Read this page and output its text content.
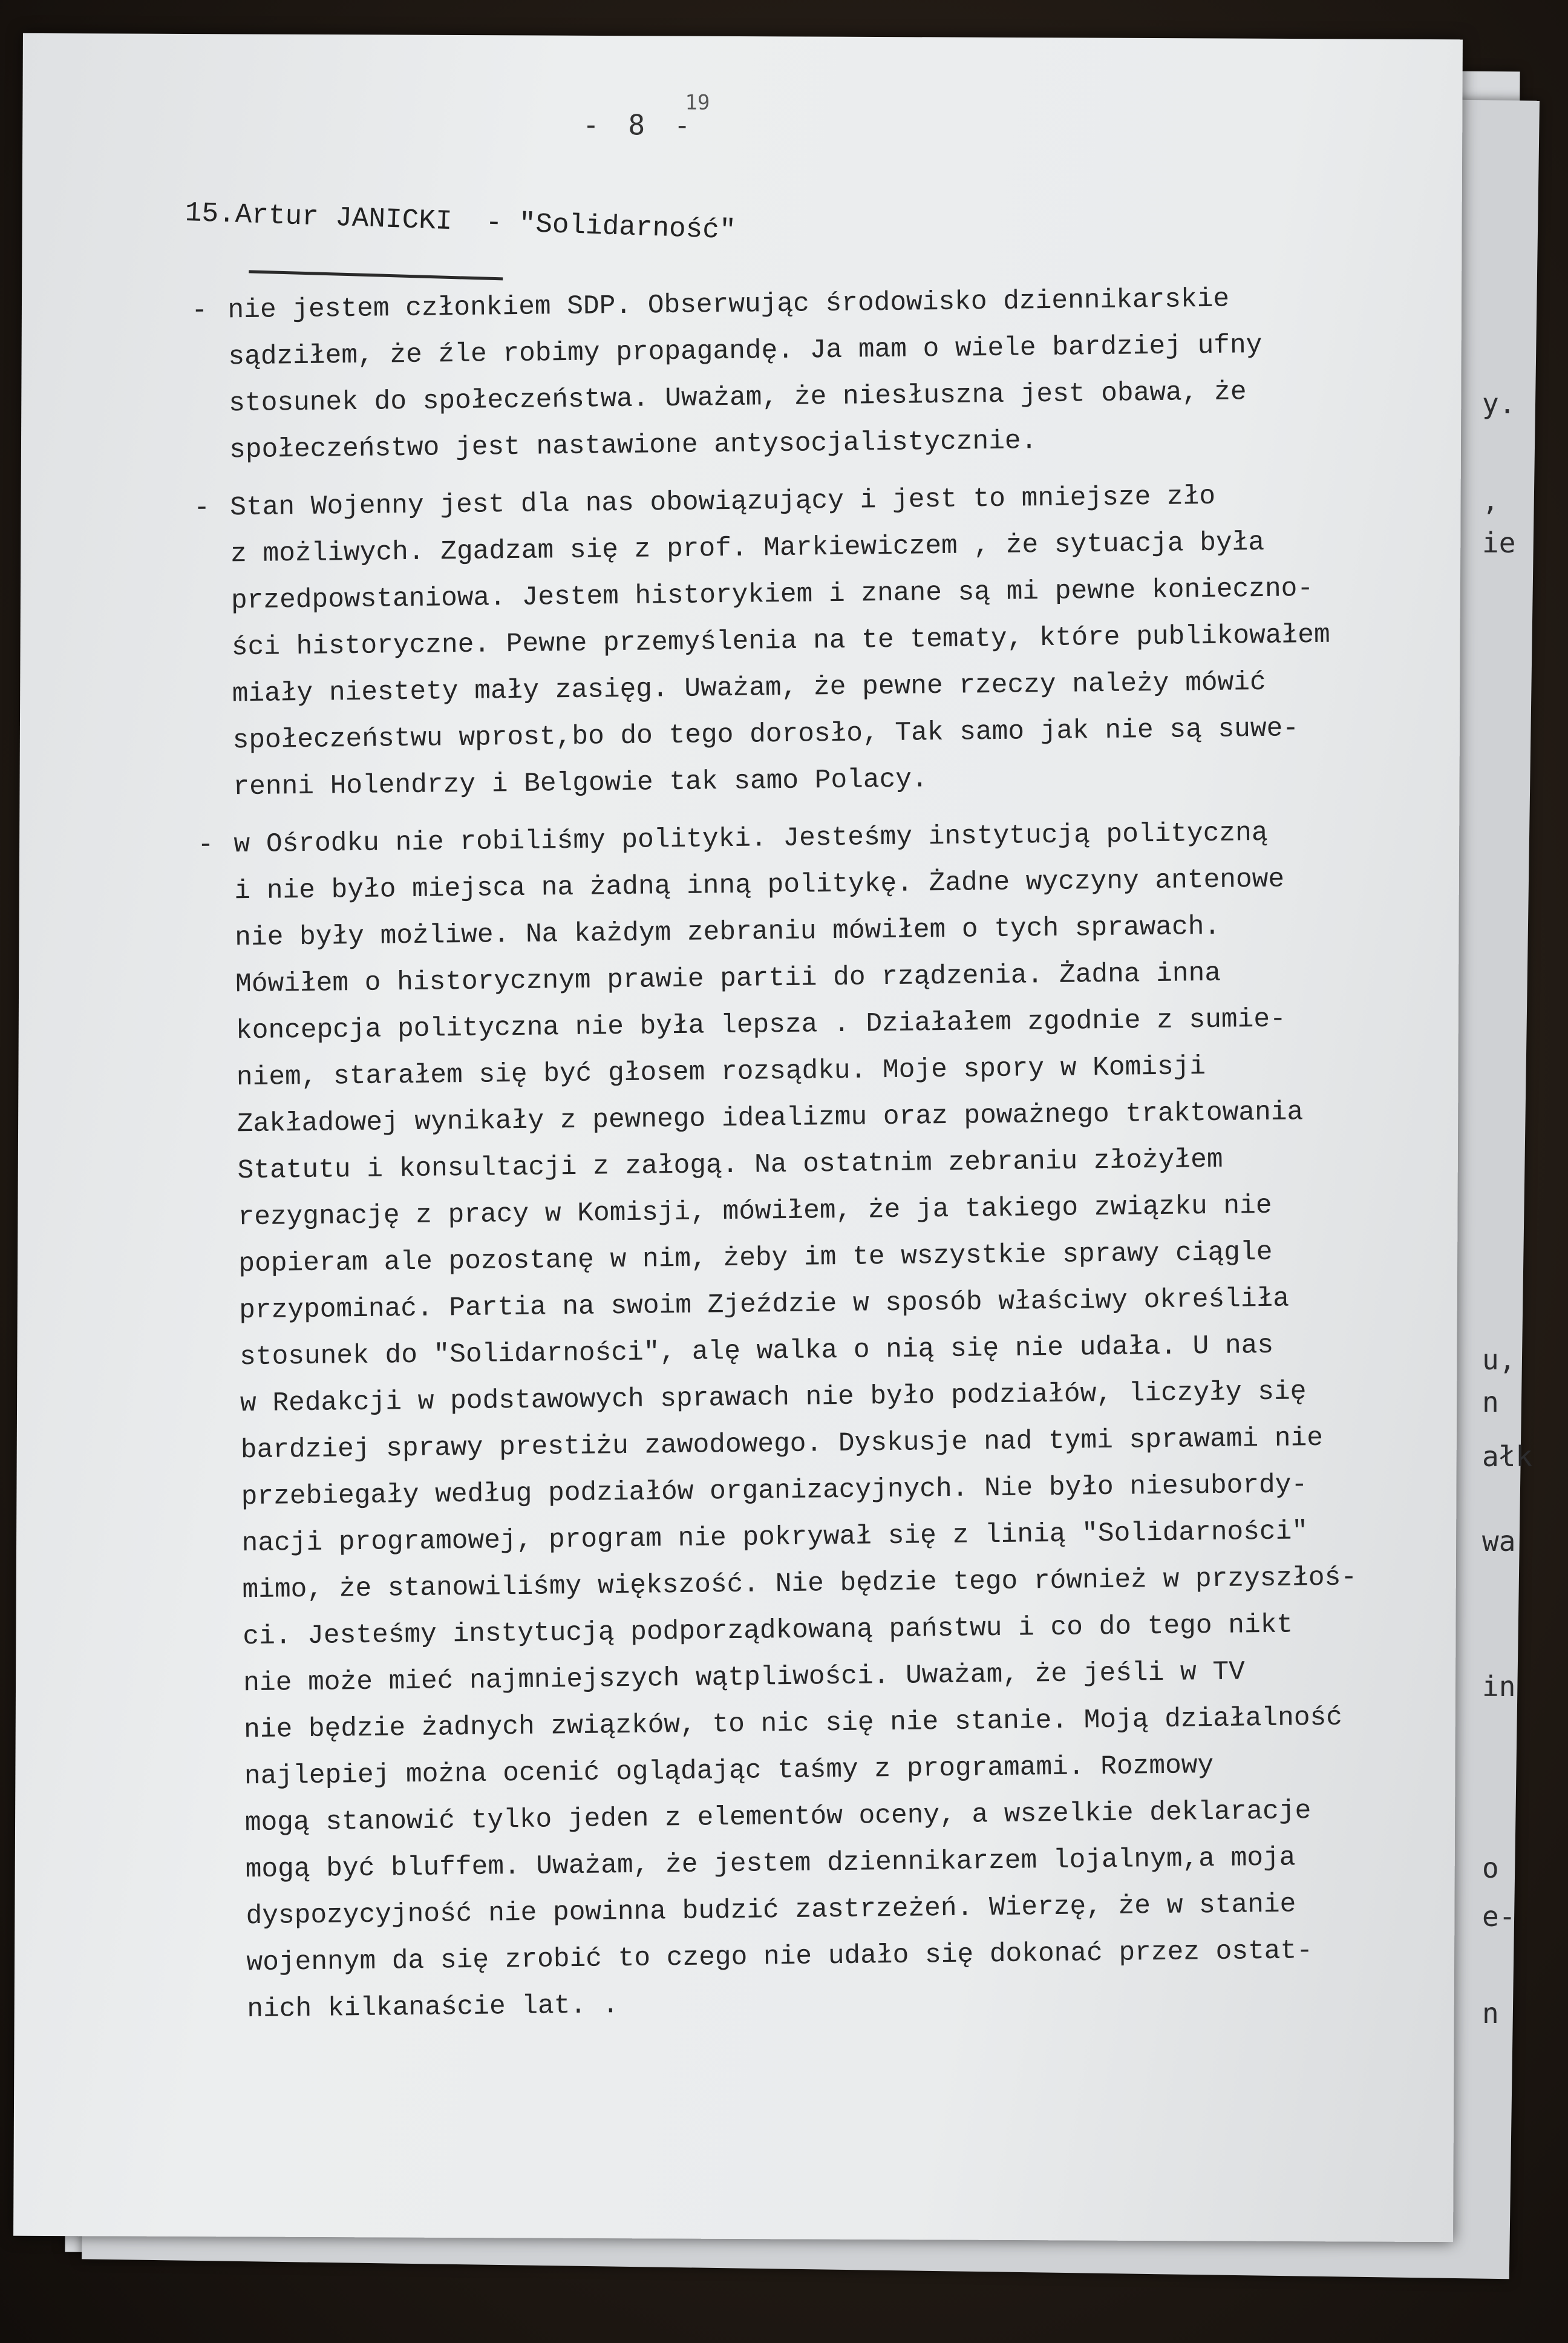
y.
,
ie
u,
n
ałk
wa
in
o
e-
n
19
- 8 -
15.Artur JANICKI - "Solidarność"
- nie jestem członkiem SDP. Obserwując środowisko dziennikarskie
sądziłem, że źle robimy propagandę. Ja mam o wiele bardziej ufny
stosunek do społeczeństwa. Uważam, że niesłuszna jest obawa, że
społeczeństwo jest nastawione antysocjalistycznie.
- Stan Wojenny jest dla nas obowiązujący i jest to mniejsze zło
z możliwych. Zgadzam się z prof. Markiewiczem , że sytuacja była
przedpowstaniowa. Jestem historykiem i znane są mi pewne konieczno-
ści historyczne. Pewne przemyślenia na te tematy, które publikowałem
miały niestety mały zasięg. Uważam, że pewne rzeczy należy mówić
społeczeństwu wprost,bo do tego dorosło, Tak samo jak nie są suwe-
renni Holendrzy i Belgowie tak samo Polacy.
- w Ośrodku nie robiliśmy polityki. Jesteśmy instytucją polityczną
i nie było miejsca na żadną inną politykę. Żadne wyczyny antenowe
nie były możliwe. Na każdym zebraniu mówiłem o tych sprawach.
Mówiłem o historycznym prawie partii do rządzenia. Żadna inna
koncepcja polityczna nie była lepsza . Działałem zgodnie z sumie-
niem, starałem się być głosem rozsądku. Moje spory w Komisji
Zakładowej wynikały z pewnego idealizmu oraz poważnego traktowania
Statutu i konsultacji z załogą. Na ostatnim zebraniu złożyłem
rezygnację z pracy w Komisji, mówiłem, że ja takiego związku nie
popieram ale pozostanę w nim, żeby im te wszystkie sprawy ciągle
przypominać. Partia na swoim Zjeździe w sposób właściwy określiła
stosunek do "Solidarności", alę walka o nią się nie udała. U nas
w Redakcji w podstawowych sprawach nie było podziałów, liczyły się
bardziej sprawy prestiżu zawodowego. Dyskusje nad tymi sprawami nie
przebiegały według podziałów organizacyjnych. Nie było niesubordy-
nacji programowej, program nie pokrywał się z linią "Solidarności"
mimo, że stanowiliśmy większość. Nie będzie tego również w przyszłoś-
ci. Jesteśmy instytucją podporządkowaną państwu i co do tego nikt
nie może mieć najmniejszych wątpliwości. Uważam, że jeśli w TV
nie będzie żadnych związków, to nic się nie stanie. Moją działalność
najlepiej można ocenić oglądając taśmy z programami. Rozmowy
mogą stanowić tylko jeden z elementów oceny, a wszelkie deklaracje
mogą być bluffem. Uważam, że jestem dziennikarzem lojalnym,a moja
dyspozycyjność nie powinna budzić zastrzeżeń. Wierzę, że w stanie
wojennym da się zrobić to czego nie udało się dokonać przez ostat-
nich kilkanaście lat. .
